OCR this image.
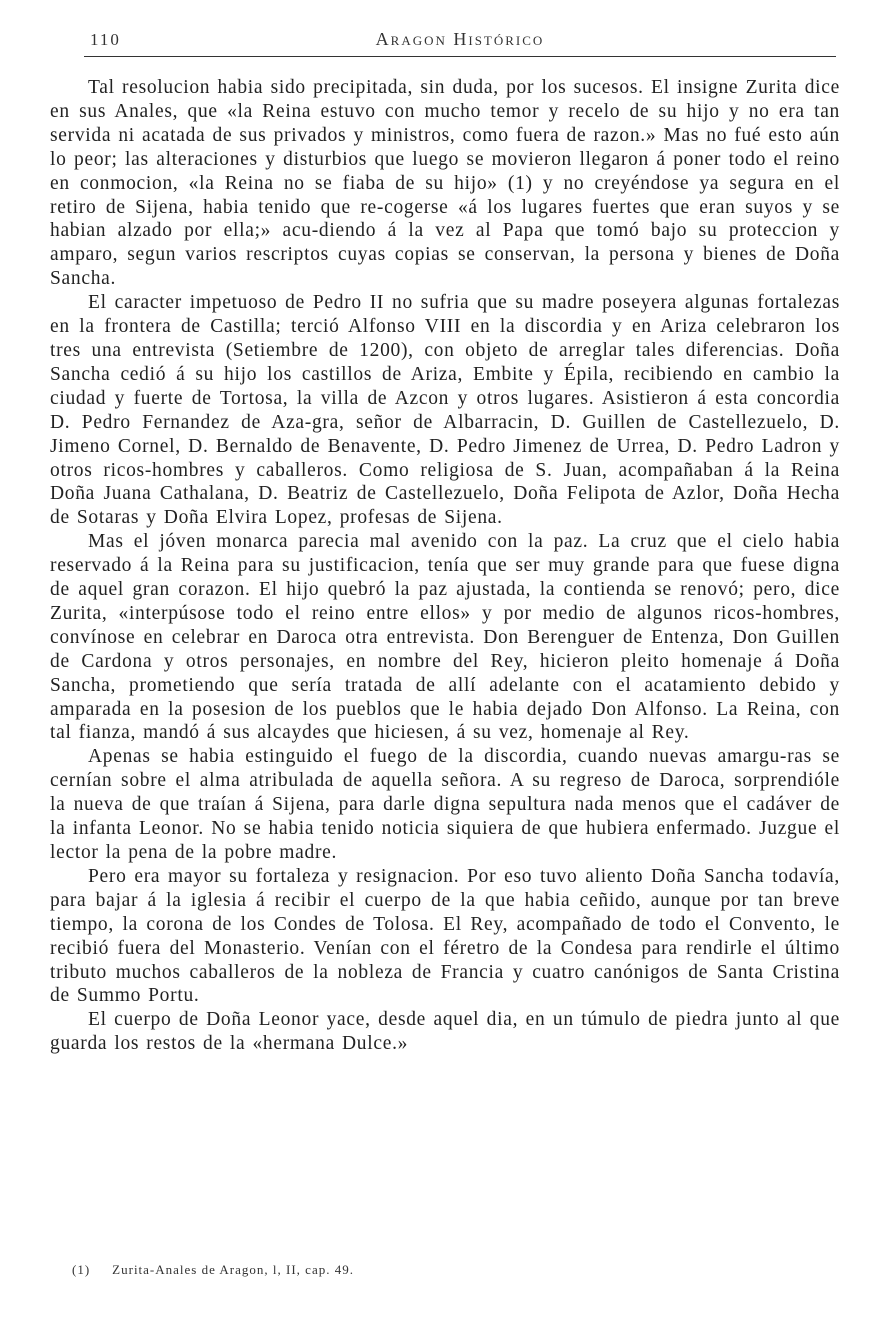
110	Aragon Histórico

Tal resolucion habia sido precipitada, sin duda, por los sucesos. El insigne Zurita dice en sus Anales, que «la Reina estuvo con mucho temor y recelo de su hijo y no era tan servida ni acatada de sus privados y ministros, como fuera de razon.» Mas no fué esto aún lo peor; las alteraciones y disturbios que luego se movieron llegaron á poner todo el reino en conmocion, «la Reina no se fiaba de su hijo» (1) y no creyéndose ya segura en el retiro de Sijena, habia tenido que re-cogerse «á los lugares fuertes que eran suyos y se habian alzado por ella;» acu-diendo á la vez al Papa que tomó bajo su proteccion y amparo, segun varios rescriptos cuyas copias se conservan, la persona y bienes de Doña Sancha.

El caracter impetuoso de Pedro II no sufria que su madre poseyera algunas fortalezas en la frontera de Castilla; terció Alfonso VIII en la discordia y en Ariza celebraron los tres una entrevista (Setiembre de 1200), con objeto de arreglar tales diferencias. Doña Sancha cedió á su hijo los castillos de Ariza, Embite y Épila, recibiendo en cambio la ciudad y fuerte de Tortosa, la villa de Azcon y otros lugares. Asistieron á esta concordia D. Pedro Fernandez de Aza-gra, señor de Albarracin, D. Guillen de Castellezuelo, D. Jimeno Cornel, D. Bernaldo de Benavente, D. Pedro Jimenez de Urrea, D. Pedro Ladron y otros ricos-hombres y caballeros. Como religiosa de S. Juan, acompañaban á la Reina Doña Juana Cathalana, D. Beatriz de Castellezuelo, Doña Felipota de Azlor, Doña Hecha de Sotaras y Doña Elvira Lopez, profesas de Sijena.

Mas el jóven monarca parecia mal avenido con la paz. La cruz que el cielo habia reservado á la Reina para su justificacion, tenía que ser muy grande para que fuese digna de aquel gran corazon. El hijo quebró la paz ajustada, la contienda se renovó; pero, dice Zurita, «interpúsose todo el reino entre ellos» y por medio de algunos ricos-hombres, convínose en celebrar en Daroca otra entrevista. Don Berenguer de Entenza, Don Guillen de Cardona y otros personajes, en nombre del Rey, hicieron pleito homenaje á Doña Sancha, prometiendo que sería tratada de allí adelante con el acatamiento debido y amparada en la posesion de los pueblos que le habia dejado Don Alfonso. La Reina, con tal fianza, mandó á sus alcaydes que hiciesen, á su vez, homenaje al Rey.

Apenas se habia estinguido el fuego de la discordia, cuando nuevas amargu-ras se cernían sobre el alma atribulada de aquella señora. A su regreso de Daroca, sorprendióle la nueva de que traían á Sijena, para darle digna sepultura nada menos que el cadáver de la infanta Leonor. No se habia tenido noticia siquiera de que hubiera enfermado. Juzgue el lector la pena de la pobre madre.

Pero era mayor su fortaleza y resignacion. Por eso tuvo aliento Doña Sancha todavía, para bajar á la iglesia á recibir el cuerpo de la que habia ceñido, aunque por tan breve tiempo, la corona de los Condes de Tolosa. El Rey, acompañado de todo el Convento, le recibió fuera del Monasterio. Venían con el féretro de la Condesa para rendirle el último tributo muchos caballeros de la nobleza de Francia y cuatro canónigos de Santa Cristina de Summo Portu.

El cuerpo de Doña Leonor yace, desde aquel dia, en un túmulo de piedra junto al que guarda los restos de la «hermana Dulce.»

(1) Zurita-Anales de Aragon, l, II, cap. 49.
